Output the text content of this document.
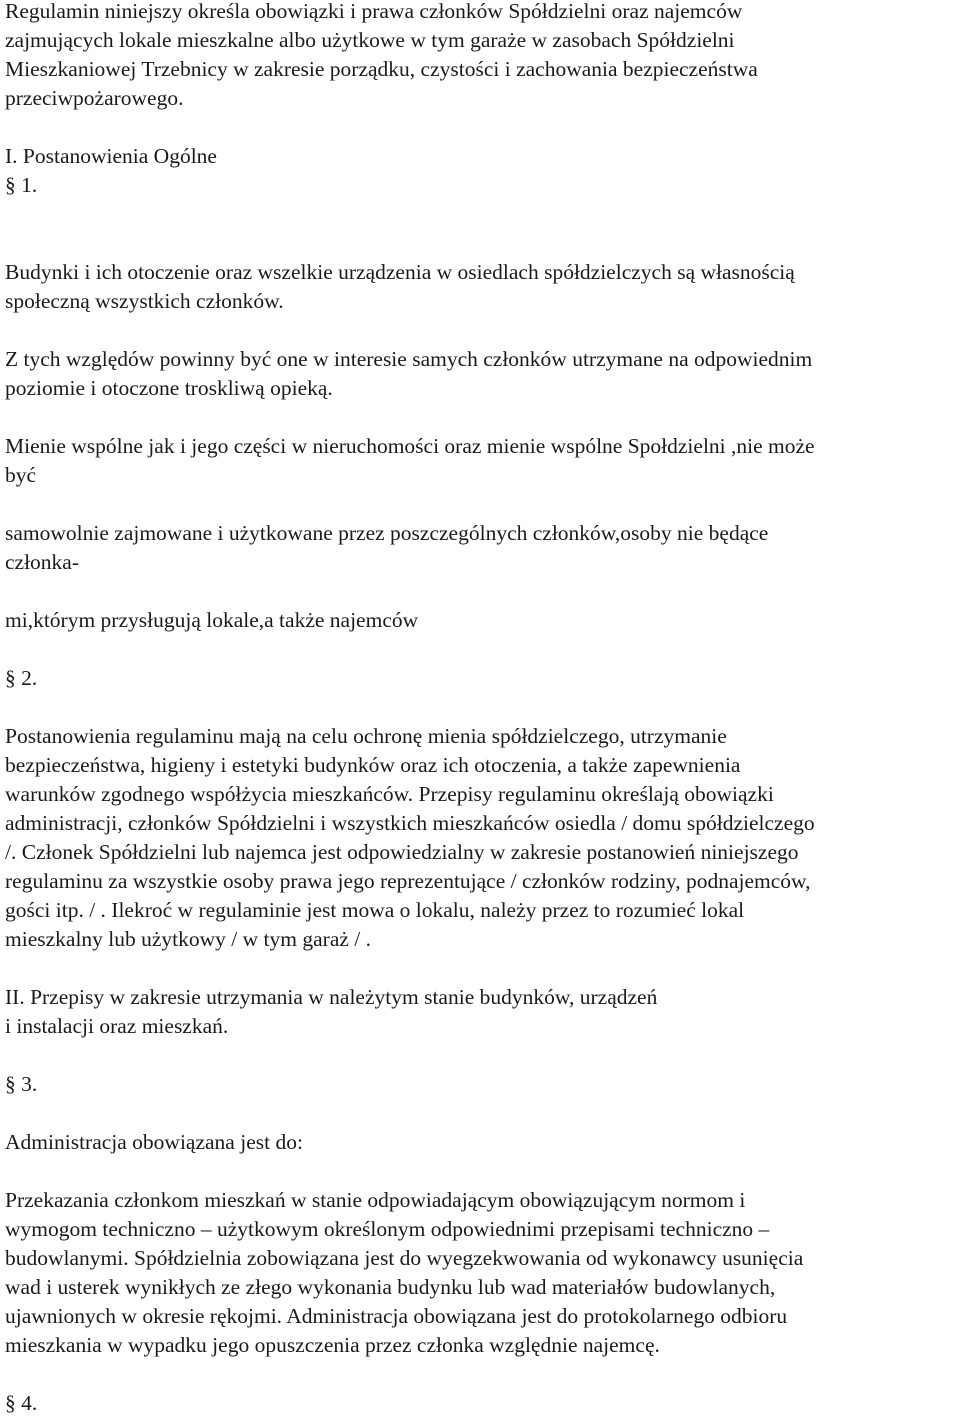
Regulamin niniejszy określa obowiązki i prawa członków Spółdzielni oraz najemców
zajmujących lokale mieszkalne albo użytkowe w tym garaże w zasobach Spółdzielni
Mieszkaniowej Trzebnicy w zakresie porządku, czystości i zachowania bezpieczeństwa
przeciwpożarowego.

I. Postanowienia Ogólne

§ 1.

Budynki i ich otoczenie oraz wszelkie urządzenia w osiedlach spółdzielczych są własnością
społeczną wszystkich członków.

Z tych względów powinny być one w interesie samych członków utrzymane na odpowiednim
poziomie i otoczone troskliwą opieką.

Mienie wspólne jak i jego części w nieruchomości oraz mienie wspólne Społdzielni ,nie może
być

samowolnie zajmowane i użytkowane przez poszczególnych członków,osoby nie będące
członka-

mi,którym przysługują lokale,a także najemców

§ 2.

Postanowienia regulaminu mają na celu ochronę mienia spółdzielczego, utrzymanie
bezpieczeństwa, higieny i estetyki budynków oraz ich otoczenia, a także zapewnienia
warunków zgodnego współżycia mieszkańców. Przepisy regulaminu określają obowiązki
administracji, członków Spółdzielni i wszystkich mieszkańców osiedla / domu spółdzielczego
/. Członek Spółdzielni lub najemca jest odpowiedzialny w zakresie postanowień niniejszego
regulaminu za wszystkie osoby prawa jego reprezentujące / członków rodziny, podnajemców,
gości itp. / . Ilekroć w regulaminie jest mowa o lokalu, należy przez to rozumieć lokal
mieszkalny lub użytkowy / w tym garaż / .

II. Przepisy w zakresie utrzymania w należytym stanie budynków, urządzeń
i instalacji oraz mieszkań.

§ 3.

Administracja obowiązana jest do:

Przekazania członkom mieszkań w stanie odpowiadającym obowiązującym normom i
wymogom techniczno – użytkowym określonym odpowiednimi przepisami techniczno –
budowlanymi. Spółdzielnia zobowiązana jest do wyegzekwowania od wykonawcy usunięcia
wad i usterek wynikłych ze złego wykonania budynku lub wad materiałów budowlanych,
ujawnionych w okresie rękojmi. Administracja obowiązana jest do protokolarnego odbioru
mieszkania w wypadku jego opuszczenia przez członka względnie najemcę.

§ 4.
